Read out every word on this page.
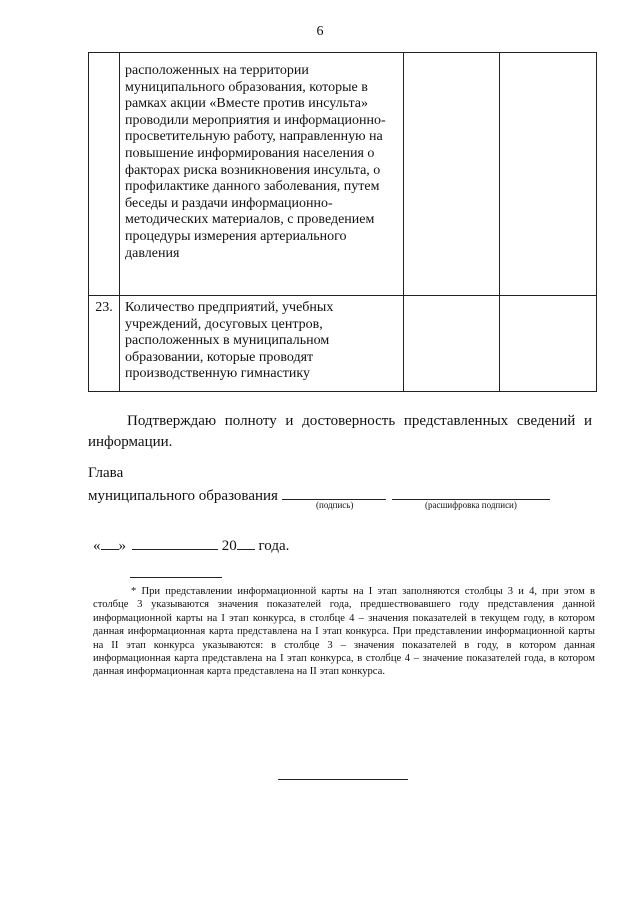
6
	расположенных на территории муниципального образования, которые в рамках акции «Вместе против инсульта» проводили мероприятия и информационно-просветительную работу, направленную на повышение информирования населения о факторах риска возникновения инсульта, о профилактике данного заболевания, путем беседы и раздачи информационно-методических материалов, с проведением процедуры измерения артериального давления		
23.	Количество предприятий, учебных учреждений, досуговых центров, расположенных в муниципальном образовании, которые проводят производственную гимнастику		
Подтверждаю полноту и достоверность представленных сведений и информации.
Глава
муниципального образования
(подпись)	(расшифровка подписи)
« »	20 года.
* При представлении информационной карты на I этап заполняются столбцы 3 и 4, при этом в столбце 3 указываются значения показателей года, предшествовавшего году представления данной информационной карты на I этап конкурса, в столбце 4 – значения показателей в текущем году, в котором данная информационная карта представлена на I этап конкурса. При представлении информационной карты на II этап конкурса указываются: в столбце 3 – значения показателей в году, в котором данная информационная карта представлена на I этап конкурса, в столбце 4 – значение показателей года, в котором данная информационная карта представлена на II этап конкурса.
